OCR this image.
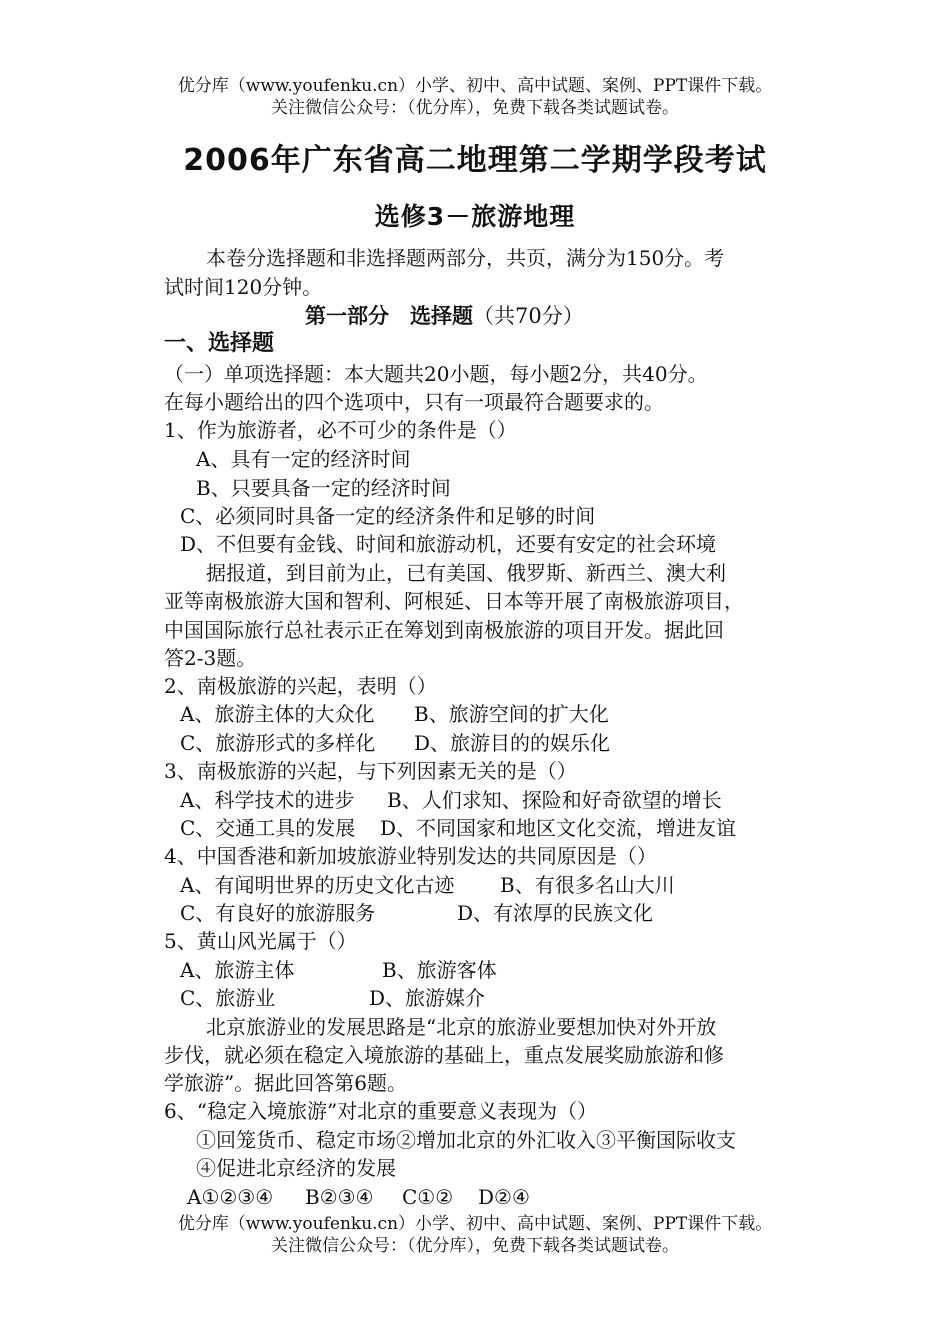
优分库（www.youfenku.cn）小学、初中、高中试题、案例、PPT课件下载。
关注微信公众号：（优分库），免费下载各类试题试卷。
2006年广东省高二地理第二学期学段考试
选修3－旅游地理
本卷分选择题和非选择题两部分，共页，满分为150分。考
试时间120分钟。
第一部分　选择题（共70分）
一、选择题
（一）单项选择题：本大题共20小题，每小题2分，共40分。
在每小题给出的四个选项中，只有一项最符合题要求的。
1、作为旅游者，必不可少的条件是（）
A、具有一定的经济时间
B、只要具备一定的经济时间
C、必须同时具备一定的经济条件和足够的时间
D、不但要有金钱、时间和旅游动机，还要有安定的社会环境
据报道，到目前为止，已有美国、俄罗斯、新西兰、澳大利
亚等南极旅游大国和智利、阿根延、日本等开展了南极旅游项目，
中国国际旅行总社表示正在筹划到南极旅游的项目开发。据此回
答2-3题。
2、南极旅游的兴起，表明（）
A、旅游主体的大众化 B、旅游空间的扩大化
C、旅游形式的多样化 D、旅游目的的娱乐化
3、南极旅游的兴起，与下列因素无关的是（）
A、科学技术的进步 B、人们求知、探险和好奇欲望的增长
C、交通工具的发展 D、不同国家和地区文化交流，增进友谊
4、中国香港和新加坡旅游业特别发达的共同原因是（）
A、有闻明世界的历史文化古迹 B、有很多名山大川
C、有良好的旅游服务	D、有浓厚的民族文化
5、黄山风光属于（）
A、旅游主体	B、旅游客体
C、旅游业	D、旅游媒介
北京旅游业的发展思路是“北京的旅游业要想加快对外开放
步伐，就必须在稳定入境旅游的基础上，重点发展奖励旅游和修
学旅游”。据此回答第6题。
6、“稳定入境旅游”对北京的重要意义表现为（）
①回笼货币、稳定市场②增加北京的外汇收入③平衡国际收支
④促进北京经济的发展
A①②③④ B②③④ C①② D②④
优分库（www.youfenku.cn）小学、初中、高中试题、案例、PPT课件下载。
关注微信公众号：（优分库），免费下载各类试题试卷。
